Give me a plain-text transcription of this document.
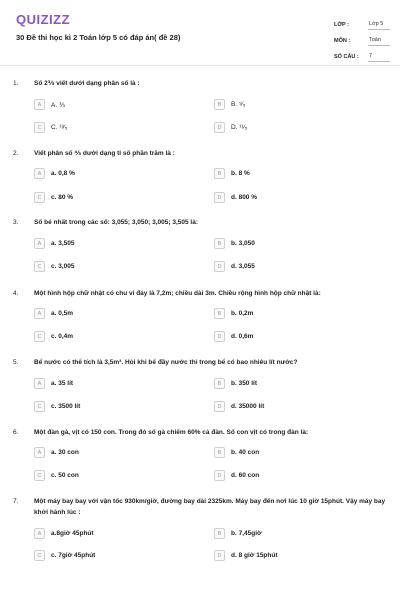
QUIZIZZ
30 Đề thi học kì 2 Toán lớp 5 có đáp án( đề 28)
LỚP :	Lớp 5
MÔN :	Toán
SỐ CÂU :	7
1. Số 2⅗ viết dưới dạng phân số là :
A	A. ⅗	B	B. ⁹⁄₅
C	C. ¹³⁄₅	D	D. ¹¹⁄₅
2. Viết phân số ⅘ dưới dạng tỉ số phần trăm là :
A	a. 0,8 %	B	b. 8 %
C	c. 80 %	D	d. 800 %
3. Số bé nhất trong các số: 3,055; 3,050; 3,005; 3,505 là:
A	a. 3,505	B	b. 3,050
C	c. 3,005	D	d. 3,055
4. Một hình hộp chữ nhật có chu vi đáy là 7,2m; chiều dài 3m. Chiều rộng hình hộp chữ nhật là:
A	a. 0,5m	B	b. 0,2m
C	c. 0,4m	D	d. 0,6m
5. Bể nước có thể tích là 3,5m³. Hỏi khi bể đầy nước thì trong bể có bao nhiêu lít nước?
A	a. 35 lít	B	b. 350 lít
C	c. 3500 lít	D	d. 35000 lít
6. Một đàn gà, vịt có 150 con. Trong đó số gà chiếm 60% cả đàn. Số con vịt có trong đàn là:
A	a. 30 con	B	b. 40 con
C	c. 50 con	D	d. 60 con
7. Một máy bay bay với vận tốc 930km/giờ, đường bay dài 2325km. Máy bay đến nơi lúc 10 giờ 15phút. Vậy máy bay khởi hành lúc :
A	a.8giờ 45phút	B	b. 7,45giờ
C	c. 7giờ 45phút	D	d. 8 giờ 15phút
